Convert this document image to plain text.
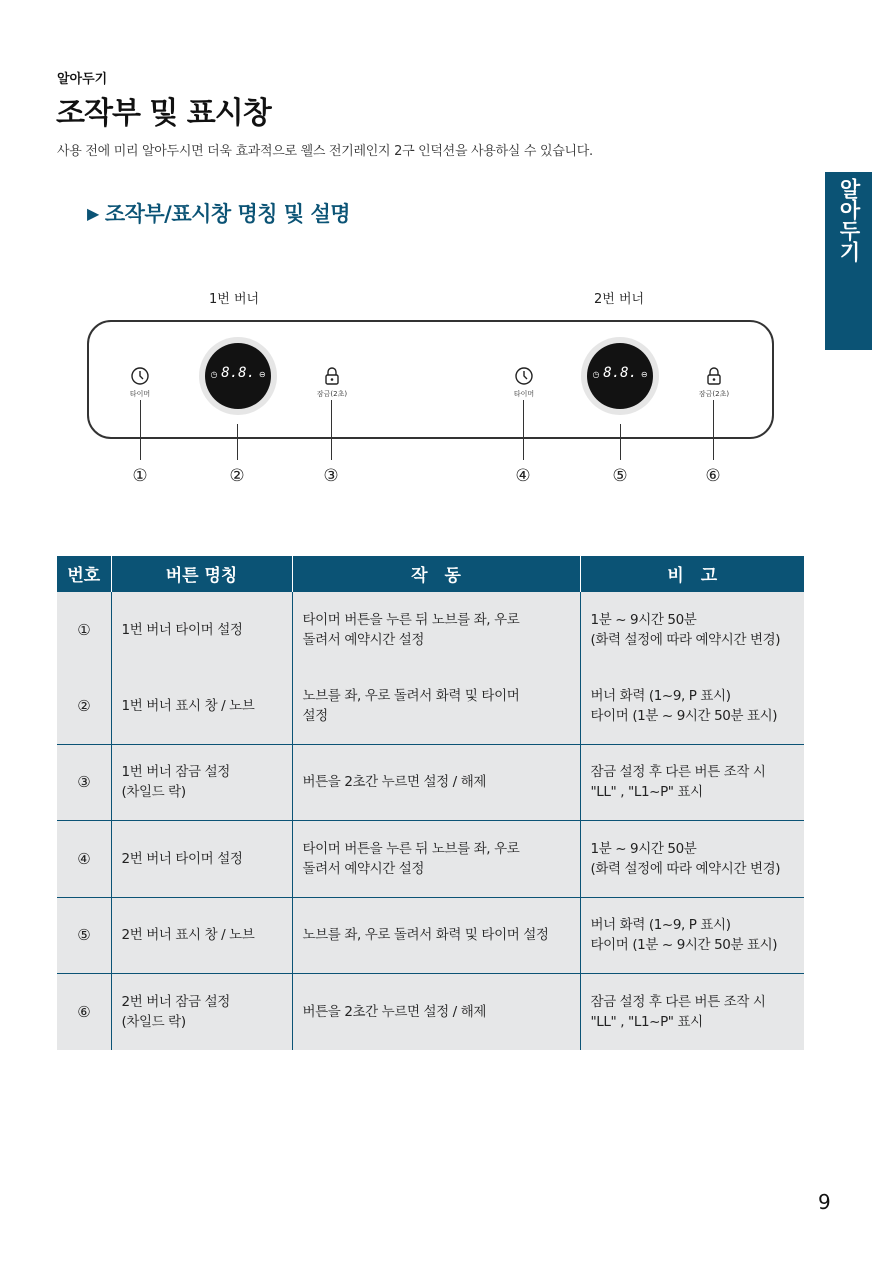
알아두기
조작부 및 표시창
사용 전에 미리 알아두시면 더욱 효과적으로 웰스 전기레인지 2구 인덕션을 사용하실 수 있습니다.
알아두기
▶ 조작부/표시창 명칭 및 설명
1번 버너	2번 버너
타이머
◷ 8.8. ⊖
잠금(2초)	타이머
◷ 8.8. ⊖
잠금(2초)
①	②	③	④	⑤	⑥
번호	버튼 명칭	작　동	비　고
①	1번 버너 타이머 설정	타이머 버튼을 누른 뒤 노브를 좌, 우로
돌려서 예약시간 설정	1분 ~ 9시간 50분
(화력 설정에 따라 예약시간 변경)

②	1번 버너 표시 창 / 노브	노브를 좌, 우로 돌려서 화력 및 타이머
설정	버너 화력 (1~9, P 표시)
타이머 (1분 ~ 9시간 50분 표시)

③	1번 버너 잠금 설정
(차일드 락)	버튼을 2초간 누르면 설정 / 해제	잠금 설정 후 다른 버튼 조작 시
"LL" , "L1~P" 표시

④	2번 버너 타이머 설정	타이머 버튼을 누른 뒤 노브를 좌, 우로
돌려서 예약시간 설정	1분 ~ 9시간 50분
(화력 설정에 따라 예약시간 변경)

⑤	2번 버너 표시 창 / 노브	노브를 좌, 우로 돌려서 화력 및 타이머 설정	버너 화력 (1~9, P 표시)
타이머 (1분 ~ 9시간 50분 표시)

⑥	2번 버너 잠금 설정
(차일드 락)	버튼을 2초간 누르면 설정 / 해제	잠금 설정 후 다른 버튼 조작 시
"LL" , "L1~P" 표시
9
